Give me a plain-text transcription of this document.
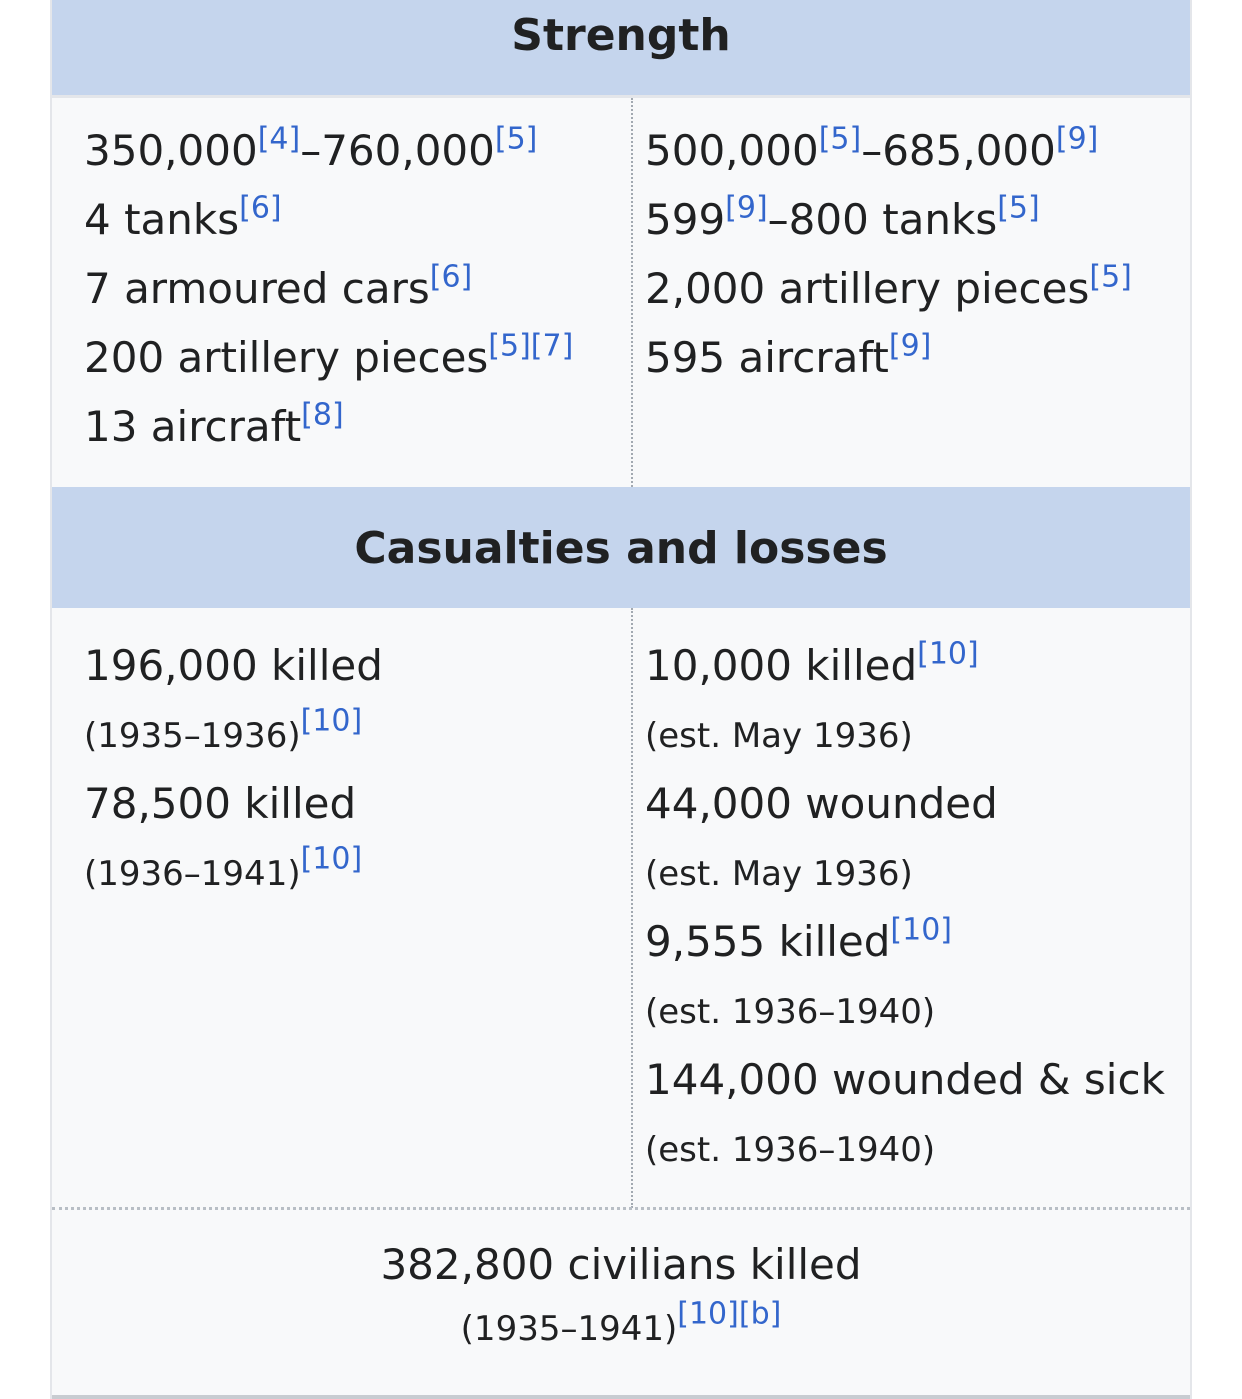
Strength

350,000[4]–760,000[5]

4 tanks[6]

7 armoured cars[6]

200 artillery pieces[5][7]

13 aircraft[8]

500,000[5]–685,000[9]

599[9]–800 tanks[5]

2,000 artillery pieces[5]

595 aircraft[9]

Casualties and losses

196,000 killed

(1935–1936)[10]

78,500 killed

(1936–1941)[10]

10,000 killed[10]

(est. May 1936)

44,000 wounded

(est. May 1936)

9,555 killed[10]

(est. 1936–1940)

144,000 wounded & sick

(est. 1936–1940)

382,800 civilians killed

(1935–1941)[10][b]
